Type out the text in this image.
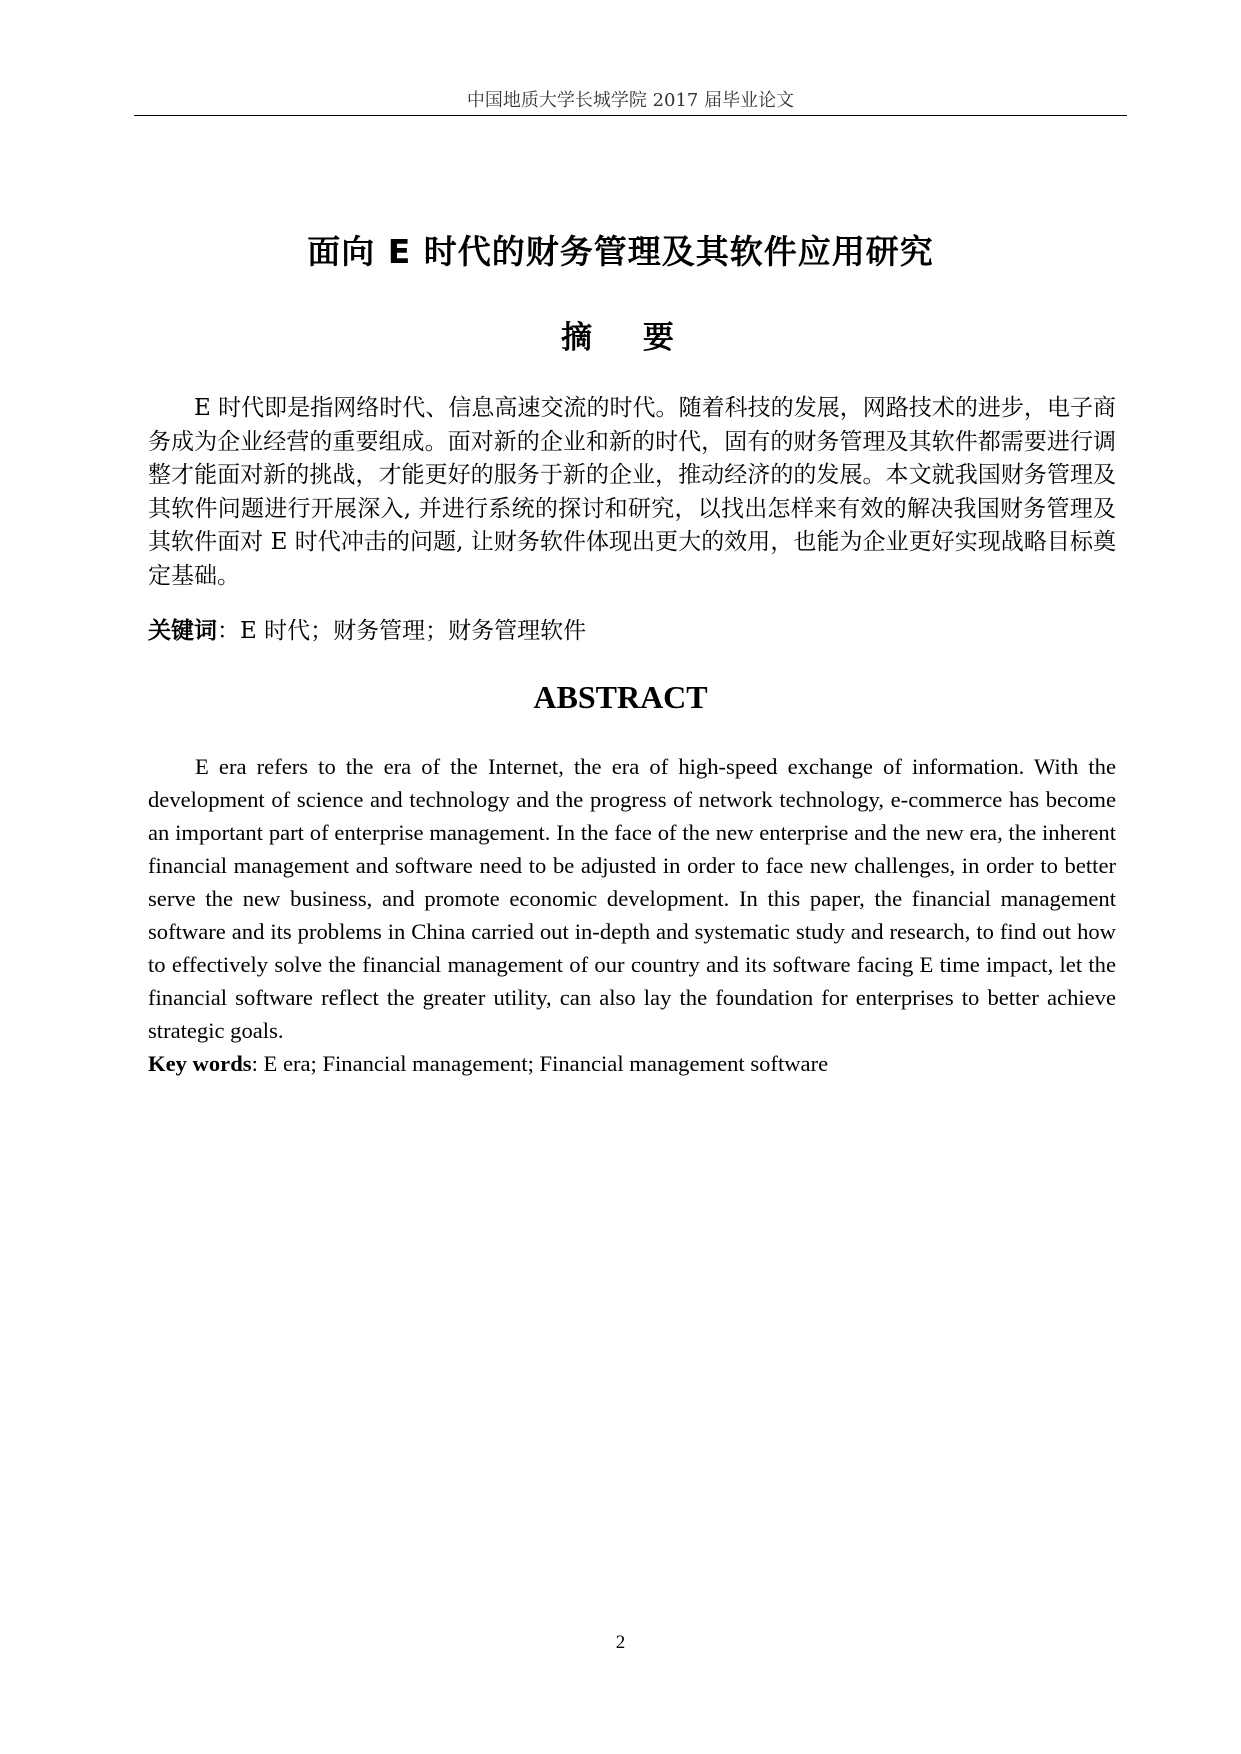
中国地质大学长城学院 2017 届毕业论文
面向 E 时代的财务管理及其软件应用研究
摘 要

E 时代即是指网络时代、信息高速交流的时代。随着科技的发展，网路技术的进步，电子商务成为企业经营的重要组成。面对新的企业和新的时代，固有的财务管理及其软件都需要进行调整才能面对新的挑战，才能更好的服务于新的企业，推动经济的的发展。本文就我国财务管理及其软件问题进行开展深入, 并进行系统的探讨和研究，以找出怎样来有效的解决我国财务管理及其软件面对 E 时代冲击的问题, 让财务软件体现出更大的效用，也能为企业更好实现战略目标奠定基础。

关键词：E 时代；财务管理；财务管理软件

ABSTRACT

E era refers to the era of the Internet, the era of high-speed exchange of information. With the development of science and technology and the progress of network technology, e-commerce has become an important part of enterprise management. In the face of the new enterprise and the new era, the inherent financial management and software need to be adjusted in order to face new challenges, in order to better serve the new business, and promote economic development. In this paper, the financial management software and its problems in China carried out in-depth and systematic study and research, to find out how to effectively solve the financial management of our country and its software facing E time impact, let the financial software reflect the greater utility, can also lay the foundation for enterprises to better achieve strategic goals.

Key words: E era; Financial management; Financial management software

2
